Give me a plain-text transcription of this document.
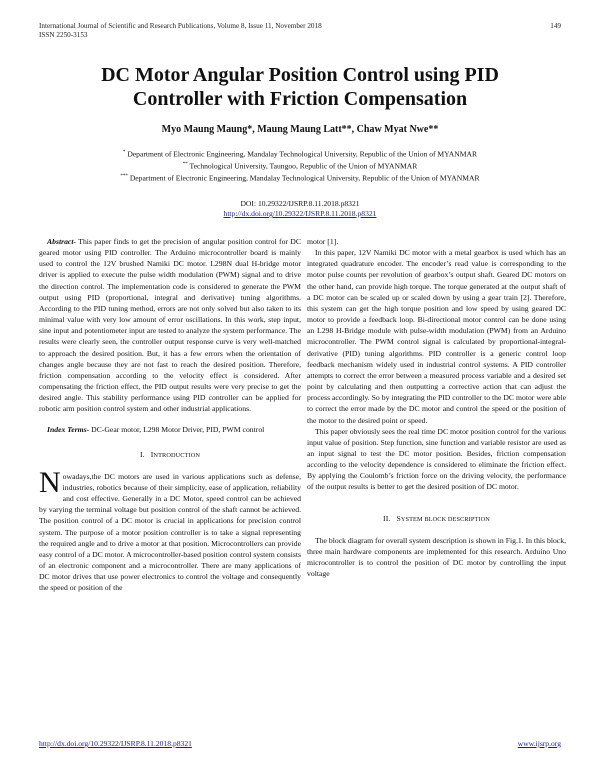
International Journal of Scientific and Research Publications, Volume 8, Issue 11, November 2018
ISSN 2250-3153
149
DC Motor Angular Position Control using PID
Controller with Friction Compensation
Myo Maung Maung*, Maung Maung Latt**, Chaw Myat Nwe**
* Department of Electronic Engineering, Mandalay Technological University, Republic of the Union of MYANMAR
** Technological University, Taungoo, Republic of the Union of MYANMAR
*** Department of Electronic Engineering, Mandalay Technological University, Republic of the Union of MYANMAR
DOI: 10.29322/IJSRP.8.11.2018.p8321
http://dx.doi.org/10.29322/IJSRP.8.11.2018.p8321

Abstract- This paper finds to get the precision of angular position control for DC geared motor using PID controller. The Arduino microcontroller board is mainly used to control the 12V brushed Namiki DC motor. L298N dual H-bridge motor driver is applied to execute the pulse width modulation (PWM) signal and to drive the direction control. The implementation code is considered to generate the PWM output using PID (proportional, integral and derivative) tuning algorithms. According to the PID tuning method, errors are not only solved but also taken to its minimal value with very low amount of error oscillations. In this work, step input, sine input and potentiometer input are tested to analyze the system performance. The results were clearly seen, the controller output response curve is very well-matched to approach the desired position. But, it has a few errors when the orientation of changes angle because they are not fast to reach the desired position. Therefore, friction compensation according to the velocity effect is considered. After compensating the friction effect, the PID output results were very precise to get the desired angle. This stability performance using PID controller can be applied for robotic arm position control system and other industrial applications.

Index Terms- DC-Gear motor, L298 Motor Driver, PID, PWM control

I. INTRODUCTION

Nowadays,the DC motors are used in various applications such as defense, industries, robotics because of their simplicity, ease of application, reliability and cost effective. Generally in a DC Motor, speed control can be achieved by varying the terminal voltage but position control of the shaft cannot be achieved. The position control of a DC motor is crucial in applications for precision control system. The purpose of a motor position controller is to take a signal representing the required angle and to drive a motor at that position. Microcontrollers can provide easy control of a DC motor. A microcontroller-based position control system consists of an electronic component and a microcontroller. There are many applications of DC motor drives that use power electronics to control the voltage and consequently the speed or position of the

motor [1].

In this paper, 12V Namiki DC motor with a metal gearbox is used which has an integrated quadrature encoder. The encoder’s read value is corresponding to the motor pulse counts per revolution of gearbox’s output shaft. Geared DC motors on the other hand, can provide high torque. The torque generated at the output shaft of a DC motor can be scaled up or scaled down by using a gear train [2]. Therefore, this system can get the high torque position and low speed by using geared DC motor to provide a feedback loop. Bi-directional motor control can be done using an L298 H-Bridge module with pulse-width modulation (PWM) from an Arduino microcontroller. The PWM control signal is calculated by proportional-integral-derivative (PID) tuning algorithms. PID controller is a generic control loop feedback mechanism widely used in industrial control systems. A PID controller attempts to correct the error between a measured process variable and a desired set point by calculating and then outputting a corrective action that can adjust the process accordingly. So by integrating the PID controller to the DC motor were able to correct the error made by the DC motor and control the speed or the position of the motor to the desired point or speed.

This paper obviously sees the real time DC motor position control for the various input value of position. Step function, sine function and variable resistor are used as an input signal to test the DC motor position. Besides, friction compensation according to the velocity dependence is considered to eliminate the friction effect. By applying the Coulomb’s friction force on the driving velocity, the performance of the output results is better to get the desired position of DC motor.

II. SYSTEM BLOCK DESCRIPTION

The block diagram for overall system description is shown in Fig.1. In this block, three main hardware components are implemented for this research. Arduino Uno microcontroller is to control the position of DC motor by controlling the input voltage

http://dx.doi.org/10.29322/IJSRP.8.11.2018.p8321	www.ijsrp.org
